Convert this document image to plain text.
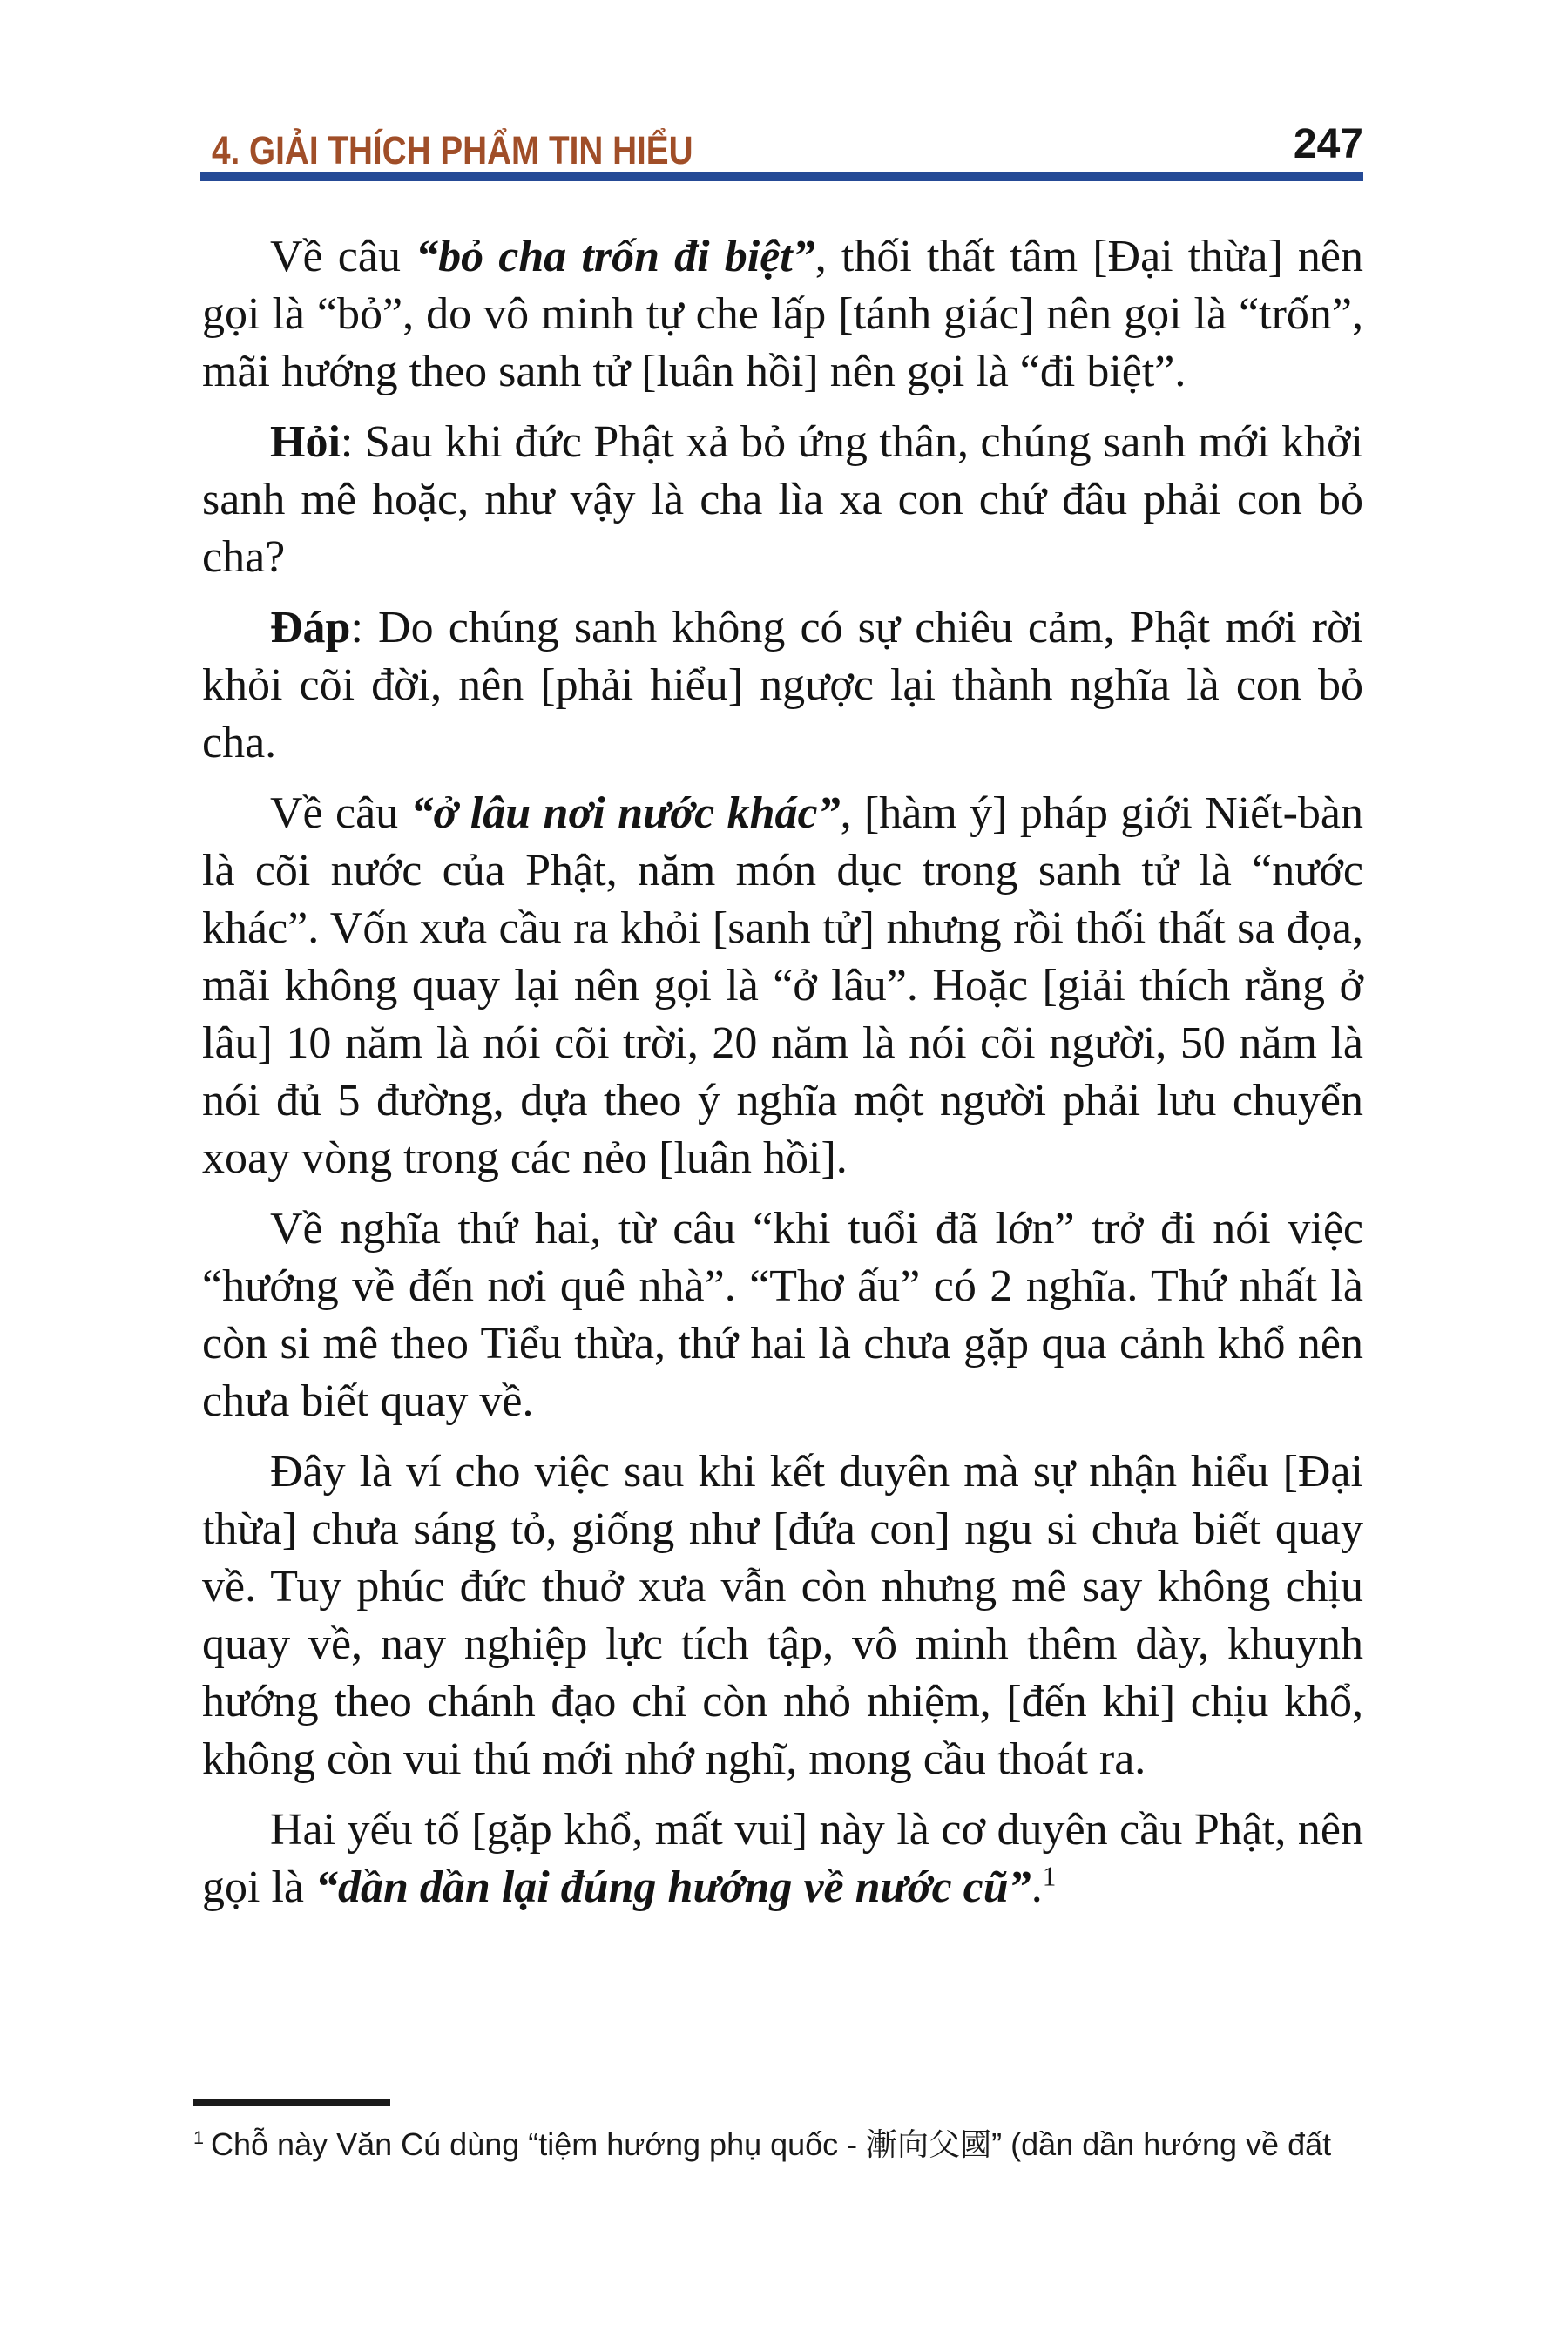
4. GIẢI THÍCH PHẨM TIN HIỂU	247

Về câu “bỏ cha trốn đi biệt”, thối thất tâm [Đại thừa] nên gọi là “bỏ”, do vô minh tự che lấp [tánh giác] nên gọi là “trốn”, mãi hướng theo sanh tử [luân hồi] nên gọi là “đi biệt”.

Hỏi: Sau khi đức Phật xả bỏ ứng thân, chúng sanh mới khởi sanh mê hoặc, như vậy là cha lìa xa con chứ đâu phải con bỏ cha?

Đáp: Do chúng sanh không có sự chiêu cảm, Phật mới rời khỏi cõi đời, nên [phải hiểu] ngược lại thành nghĩa là con bỏ cha.

Về câu “ở lâu nơi nước khác”, [hàm ý] pháp giới Niết-bàn là cõi nước của Phật, năm món dục trong sanh tử là “nước khác”. Vốn xưa cầu ra khỏi [sanh tử] nhưng rồi thối thất sa đọa, mãi không quay lại nên gọi là “ở lâu”. Hoặc [giải thích rằng ở lâu] 10 năm là nói cõi trời, 20 năm là nói cõi người, 50 năm là nói đủ 5 đường, dựa theo ý nghĩa một người phải lưu chuyển xoay vòng trong các nẻo [luân hồi].

Về nghĩa thứ hai, từ câu “khi tuổi đã lớn” trở đi nói việc “hướng về đến nơi quê nhà”. “Thơ ấu” có 2 nghĩa. Thứ nhất là còn si mê theo Tiểu thừa, thứ hai là chưa gặp qua cảnh khổ nên chưa biết quay về.

Đây là ví cho việc sau khi kết duyên mà sự nhận hiểu [Đại thừa] chưa sáng tỏ, giống như [đứa con] ngu si chưa biết quay về. Tuy phúc đức thuở xưa vẫn còn nhưng mê say không chịu quay về, nay nghiệp lực tích tập, vô minh thêm dày, khuynh hướng theo chánh đạo chỉ còn nhỏ nhiệm, [đến khi] chịu khổ, không còn vui thú mới nhớ nghĩ, mong cầu thoát ra.

Hai yếu tố [gặp khổ, mất vui] này là cơ duyên cầu Phật, nên gọi là “dần dần lại đúng hướng về nước cũ”.$^1$

$^1$ Chỗ này Văn Cú dùng “tiệm hướng phụ quốc - 漸向父國” (dần dần hướng về đất
